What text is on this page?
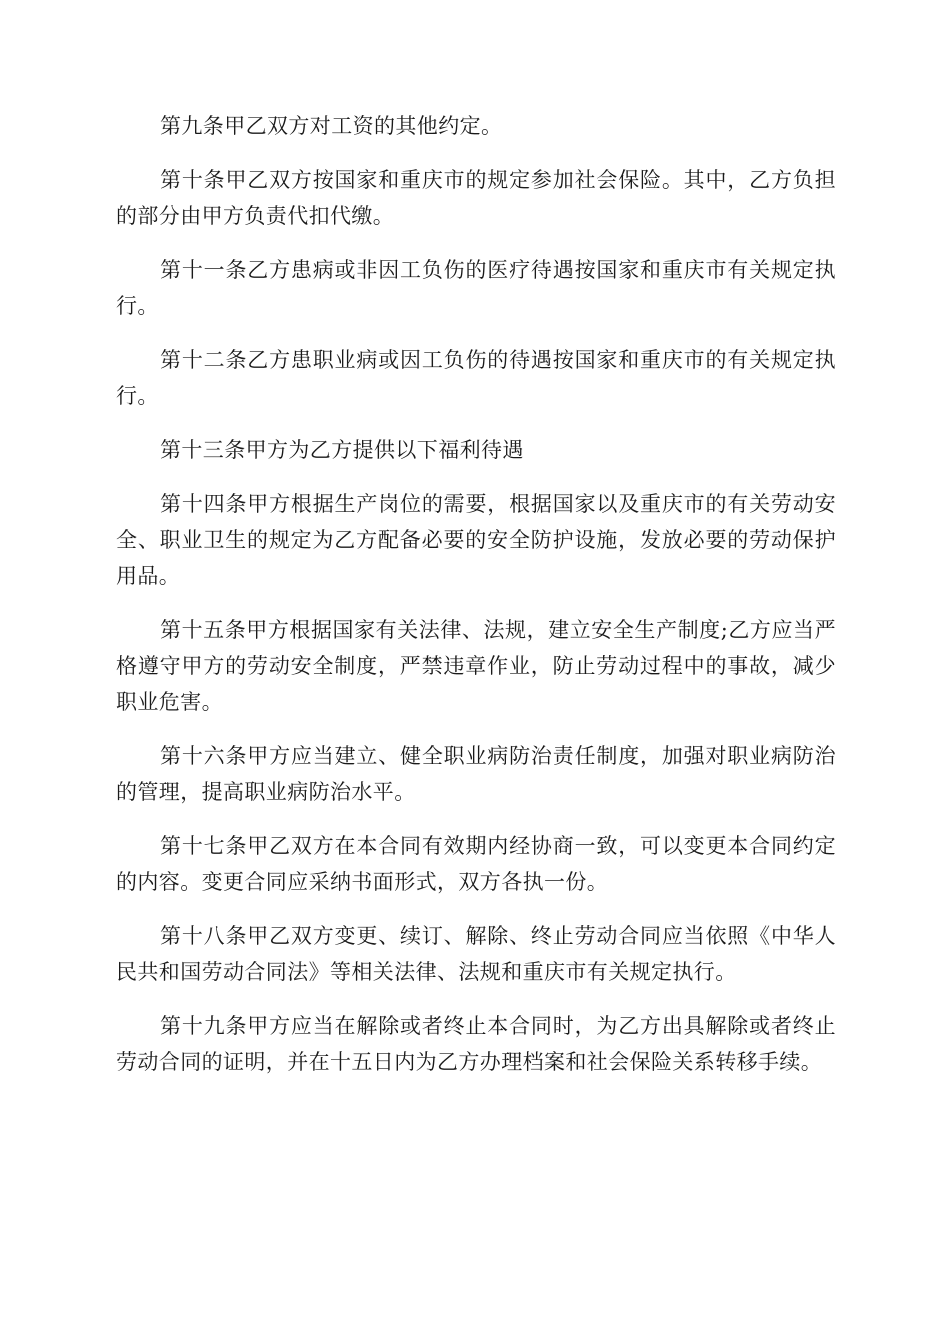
第九条甲乙双方对工资的其他约定。

第十条甲乙双方按国家和重庆市的规定参加社会保险。其中，乙方负担的部分由甲方负责代扣代缴。

第十一条乙方患病或非因工负伤的医疗待遇按国家和重庆市有关规定执行。

第十二条乙方患职业病或因工负伤的待遇按国家和重庆市的有关规定执行。

第十三条甲方为乙方提供以下福利待遇

第十四条甲方根据生产岗位的需要，根据国家以及重庆市的有关劳动安全、职业卫生的规定为乙方配备必要的安全防护设施，发放必要的劳动保护用品。

第十五条甲方根据国家有关法律、法规，建立安全生产制度;乙方应当严格遵守甲方的劳动安全制度，严禁违章作业，防止劳动过程中的事故，减少职业危害。

第十六条甲方应当建立、健全职业病防治责任制度，加强对职业病防治的管理，提高职业病防治水平。

第十七条甲乙双方在本合同有效期内经协商一致，可以变更本合同约定的内容。变更合同应采纳书面形式，双方各执一份。

第十八条甲乙双方变更、续订、解除、终止劳动合同应当依照《中华人民共和国劳动合同法》等相关法律、法规和重庆市有关规定执行。

第十九条甲方应当在解除或者终止本合同时，为乙方出具解除或者终止劳动合同的证明，并在十五日内为乙方办理档案和社会保险关系转移手续。
